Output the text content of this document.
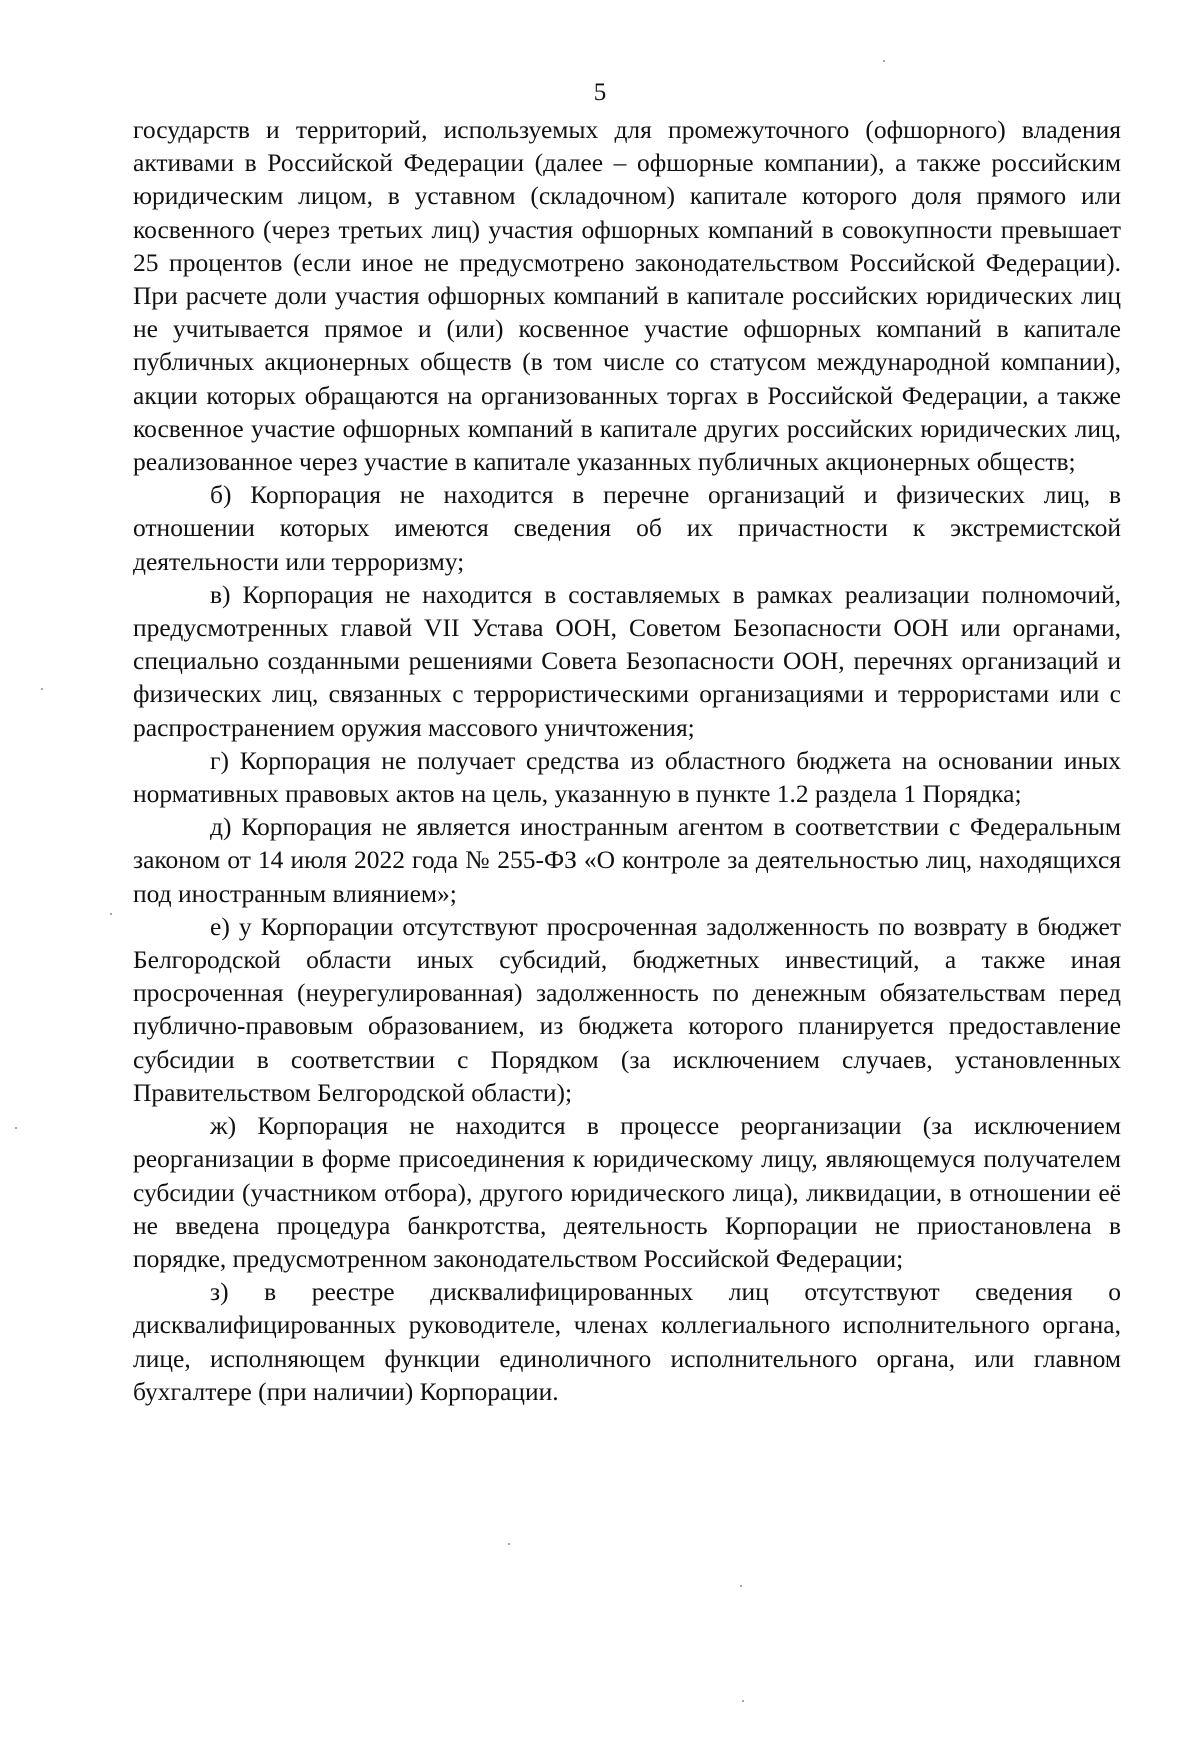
5

государств и территорий, используемых для промежуточного (офшорного) владения активами в Российской Федерации (далее – офшорные компании), а также российским юридическим лицом, в уставном (складочном) капитале которого доля прямого или косвенного (через третьих лиц) участия офшорных компаний в совокупности превышает 25 процентов (если иное не предусмотрено законодательством Российской Федерации). При расчете доли участия офшорных компаний в капитале российских юридических лиц не учитывается прямое и (или) косвенное участие офшорных компаний в капитале публичных акционерных обществ (в том числе со статусом международной компании), акции которых обращаются на организованных торгах в Российской Федерации, а также косвенное участие офшорных компаний в капитале других российских юридических лиц, реализованное через участие в капитале указанных публичных акционерных обществ;

б) Корпорация не находится в перечне организаций и физических лиц, в отношении которых имеются сведения об их причастности к экстремистской деятельности или терроризму;

в) Корпорация не находится в составляемых в рамках реализации полномочий, предусмотренных главой VII Устава ООН, Советом Безопасности ООН или органами, специально созданными решениями Совета Безопасности ООН, перечнях организаций и физических лиц, связанных с террористическими организациями и террористами или с распространением оружия массового уничтожения;

г) Корпорация не получает средства из областного бюджета на основании иных нормативных правовых актов на цель, указанную в пункте 1.2 раздела 1 Порядка;

д) Корпорация не является иностранным агентом в соответствии с Федеральным законом от 14 июля 2022 года № 255-ФЗ «О контроле за деятельностью лиц, находящихся под иностранным влиянием»;

е) у Корпорации отсутствуют просроченная задолженность по возврату в бюджет Белгородской области иных субсидий, бюджетных инвестиций, а также иная просроченная (неурегулированная) задолженность по денежным обязательствам перед публично-правовым образованием, из бюджета которого планируется предоставление субсидии в соответствии с Порядком (за исключением случаев, установленных Правительством Белгородской области);

ж) Корпорация не находится в процессе реорганизации (за исключением реорганизации в форме присоединения к юридическому лицу, являющемуся получателем субсидии (участником отбора), другого юридического лица), ликвидации, в отношении её не введена процедура банкротства, деятельность Корпорации не приостановлена в порядке, предусмотренном законодательством Российской Федерации;

з) в реестре дисквалифицированных лиц отсутствуют сведения о дисквалифицированных руководителе, членах коллегиального исполнительного органа, лице, исполняющем функции единоличного исполнительного органа, или главном бухгалтере (при наличии) Корпорации.
